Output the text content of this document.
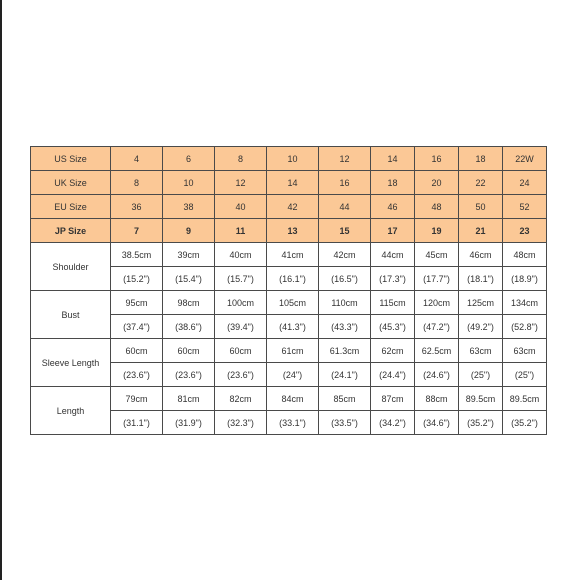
US Size	4	6	8	10	12	14	16	18	22W
UK Size	8	10	12	14	16	18	20	22	24
EU Size	36	38	40	42	44	46	48	50	52
JP Size	7	9	11	13	15	17	19	21	23
Shoulder	38.5cm	39cm	40cm	41cm	42cm	44cm	45cm	46cm	48cm
	(15.2")	(15.4")	(15.7")	(16.1")	(16.5")	(17.3")	(17.7")	(18.1")	(18.9")
Bust	95cm	98cm	100cm	105cm	110cm	115cm	120cm	125cm	134cm
	(37.4")	(38.6")	(39.4")	(41.3")	(43.3")	(45.3")	(47.2")	(49.2")	(52.8")
Sleeve Length	60cm	60cm	60cm	61cm	61.3cm	62cm	62.5cm	63cm	63cm
	(23.6")	(23.6")	(23.6")	(24")	(24.1")	(24.4")	(24.6")	(25")	(25")
Length	79cm	81cm	82cm	84cm	85cm	87cm	88cm	89.5cm	89.5cm
	(31.1")	(31.9")	(32.3")	(33.1")	(33.5")	(34.2")	(34.6")	(35.2")	(35.2")
